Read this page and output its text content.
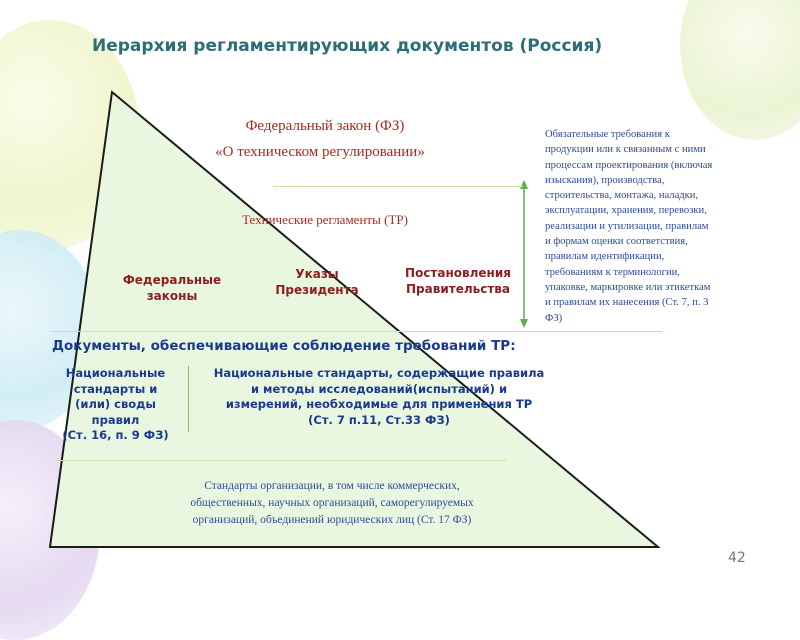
Иерархия регламентирующих документов (Россия)
Федеральный закон (ФЗ)
«О техническом регулировании»
Технические регламенты (ТР)
Федеральные
законы
Указы
Президента
Постановления
Правительства
Обязательные требования к
продукции или к связанным с ними
процессам проектирования (включая
изыскания), производства,
строительства, монтажа, наладки,
эксплуатации, хранения, перевозки,
реализации и утилизации, правилам
и формам оценки соответствия,
правилам идентификации,
требованиям к терминологии,
упаковке, маркировке или этикеткам
и правилам их нанесения (Ст. 7, п. 3
ФЗ)
Документы, обеспечивающие соблюдение требований ТР:
Национальные
стандарты и
(или) своды
правил
(Ст. 16, п. 9 ФЗ)
Национальные стандарты, содержащие правила
и методы исследований(испытаний) и
измерений, необходимые для применения ТР
(Ст. 7 п.11, Ст.33 ФЗ)
Стандарты организации, в том числе коммерческих,
общественных, научных организаций, саморегулируемых
организаций, объединений юридических лиц (Ст. 17 ФЗ)
42
